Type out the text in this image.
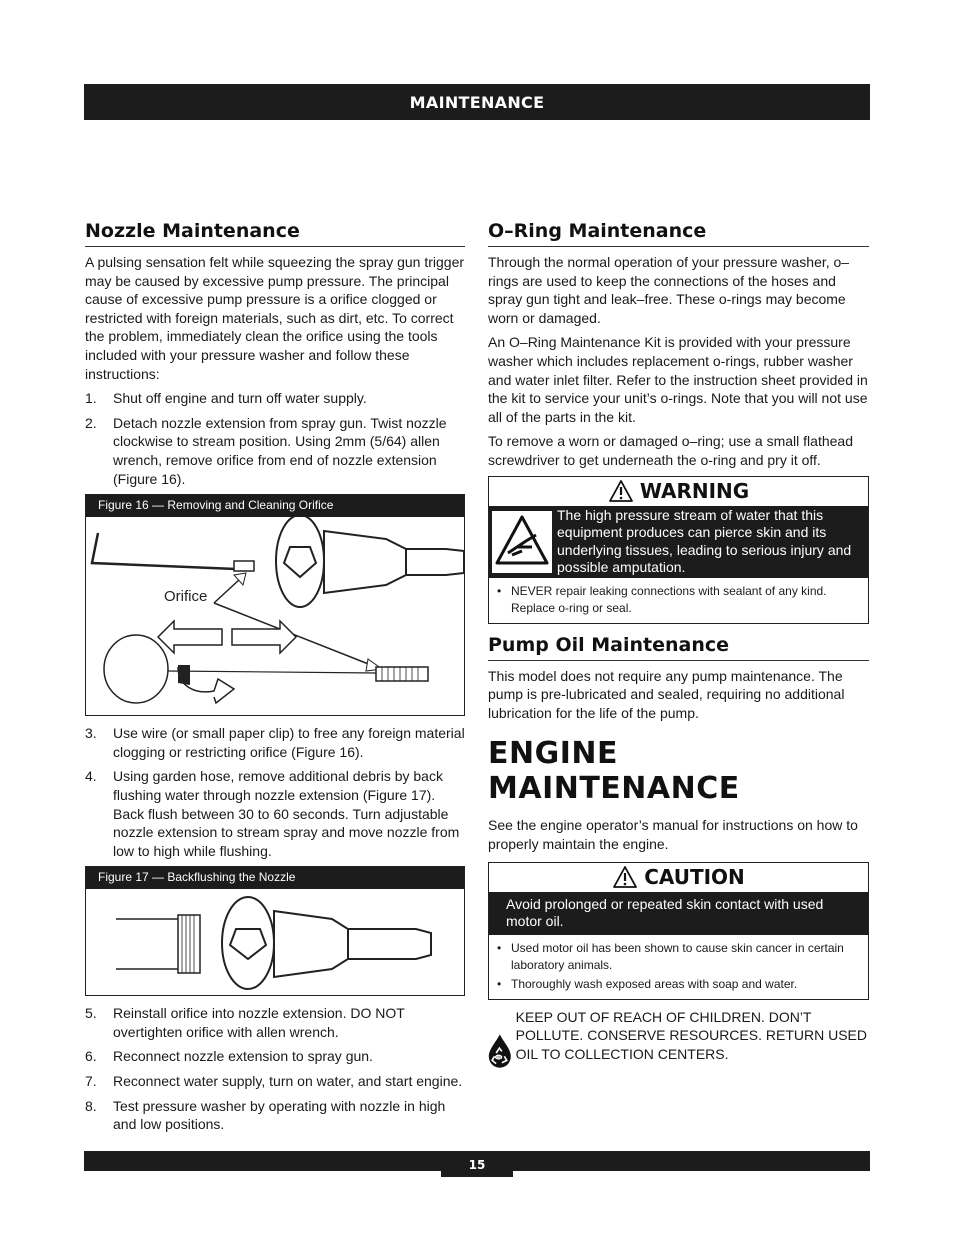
MAINTENANCE
Nozzle Maintenance

A pulsing sensation felt while squeezing the spray gun trigger may be caused by excessive pump pressure. The principal cause of excessive pump pressure is a orifice clogged or restricted with foreign materials, such as dirt, etc. To correct the problem, immediately clean the orifice using the tools included with your pressure washer and follow these instructions:

1.	Shut off engine and turn off water supply.
2.	Detach nozzle extension from spray gun. Twist nozzle clockwise to stream position. Using 2mm (5/64) allen wrench, remove orifice from end of nozzle extension (Figure 16).
Figure 16 — Removing and Cleaning Orifice
Orifice
3.	Use wire (or small paper clip) to free any foreign material clogging or restricting orifice (Figure 16).
4.	Using garden hose, remove additional debris by back flushing water through nozzle extension (Figure 17). Back flush between 30 to 60 seconds. Turn adjustable nozzle extension to stream spray and move nozzle from low to high while flushing.
Figure 17 — Backflushing the Nozzle
5.	Reinstall orifice into nozzle extension. DO NOT overtighten orifice with allen wrench.
6.	Reconnect nozzle extension to spray gun.
7.	Reconnect water supply, turn on water, and start engine.
8.	Test pressure washer by operating with nozzle in high and low positions.
O–Ring Maintenance

Through the normal operation of your pressure washer, o–rings are used to keep the connections of the hoses and spray gun tight and leak–free. These o-rings may become worn or damaged.

An O–Ring Maintenance Kit is provided with your pressure washer which includes replacement o-rings, rubber washer and water inlet filter. Refer to the instruction sheet provided in the kit to service your unit’s o-rings. Note that you will not use all of the parts in the kit.

To remove a worn or damaged o–ring; use a small flathead screwdriver to get underneath the o-ring and pry it off.

WARNING
The high pressure stream of water that this equipment produces can pierce skin and its underlying tissues, leading to serious injury and possible amputation.
• NEVER repair leaking connections with sealant of any kind. Replace o-ring or seal.
Pump Oil Maintenance

This model does not require any pump maintenance. The pump is pre-lubricated and sealed, requiring no additional lubrication for the life of the pump.

ENGINE MAINTENANCE

See the engine operator’s manual for instructions on how to properly maintain the engine.

CAUTION
Avoid prolonged or repeated skin contact with used motor oil.
• Used motor oil has been shown to cause skin cancer in certain laboratory animals.
• Thoroughly wash exposed areas with soap and water.
Oil
KEEP OUT OF REACH OF CHILDREN. DON’T POLLUTE. CONSERVE RESOURCES. RETURN USED OIL TO COLLECTION CENTERS.
15
